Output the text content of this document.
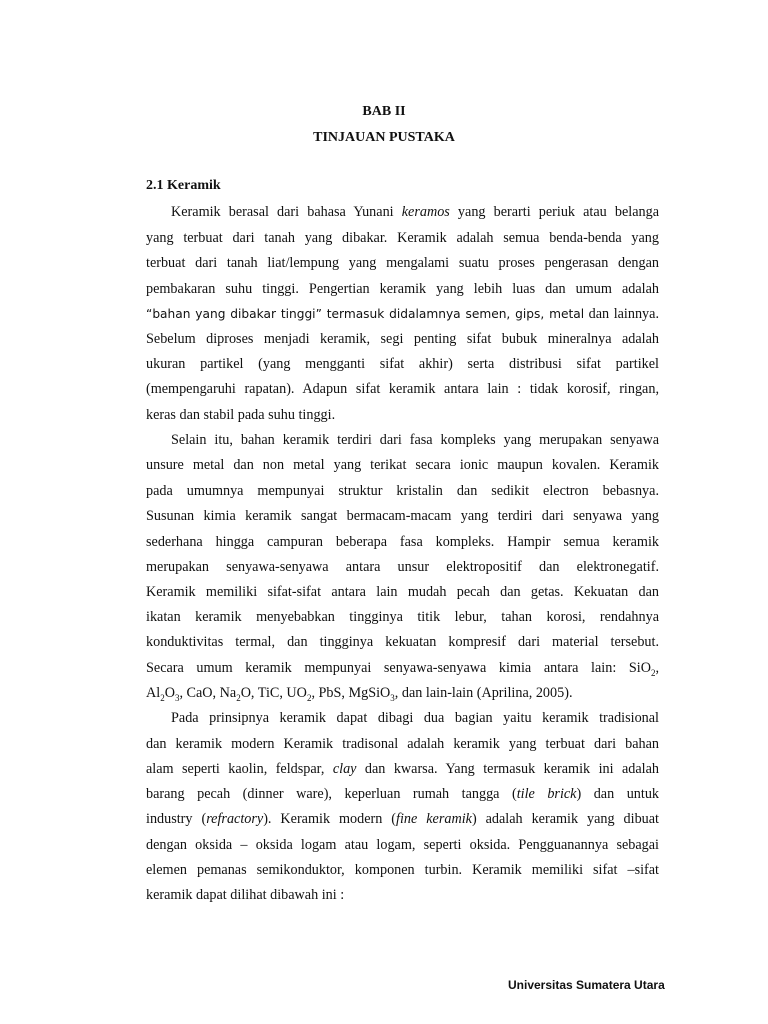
BAB II
TINJAUAN PUSTAKA
2.1 Keramik
Keramik berasal dari bahasa Yunani keramos yang berarti periuk atau belanga
yang terbuat dari tanah yang dibakar. Keramik adalah semua benda-benda yang
terbuat dari tanah liat/lempung yang mengalami suatu proses pengerasan dengan
pembakaran suhu tinggi. Pengertian keramik yang lebih luas dan umum adalah
“bahan yang dibakar tinggi” termasuk didalamnya semen, gips, metal dan lainnya.
Sebelum diproses menjadi keramik, segi penting sifat bubuk mineralnya adalah
ukuran partikel (yang mengganti sifat akhir) serta distribusi sifat partikel
(mempengaruhi rapatan). Adapun sifat keramik antara lain : tidak korosif, ringan,
keras dan stabil pada suhu tinggi.
Selain itu, bahan keramik terdiri dari fasa kompleks yang merupakan senyawa
unsure metal dan non metal yang terikat secara ionic maupun kovalen. Keramik
pada umumnya mempunyai struktur kristalin dan sedikit electron bebasnya.
Susunan kimia keramik sangat bermacam-macam yang terdiri dari senyawa yang
sederhana hingga campuran beberapa fasa kompleks. Hampir semua keramik
merupakan senyawa-senyawa antara unsur elektropositif dan elektronegatif.
Keramik memiliki sifat-sifat antara lain mudah pecah dan getas. Kekuatan dan
ikatan keramik menyebabkan tingginya titik lebur, tahan korosi, rendahnya
konduktivitas termal, dan tingginya kekuatan kompresif dari material tersebut.
Secara umum keramik mempunyai senyawa-senyawa kimia antara lain: SiO$_2$,
$Al_2O_3$, CaO, $Na_2O$, TiC, $UO_2$, PbS, MgSiO$_3$, dan lain-lain (Aprilina, 2005).
Pada prinsipnya keramik dapat dibagi dua bagian yaitu keramik tradisional
dan keramik modern Keramik tradisonal adalah keramik yang terbuat dari bahan
alam seperti kaolin, feldspar, clay dan kwarsa. Yang termasuk keramik ini adalah
barang pecah (dinner ware), keperluan rumah tangga (tile brick) dan untuk
industry (refractory). Keramik modern (fine keramik) adalah keramik yang dibuat
dengan oksida – oksida logam atau logam, seperti oksida. Pengguanannya sebagai
elemen pemanas semikonduktor, komponen turbin. Keramik memiliki sifat –sifat
keramik dapat dilihat dibawah ini :
Universitas Sumatera Utara
